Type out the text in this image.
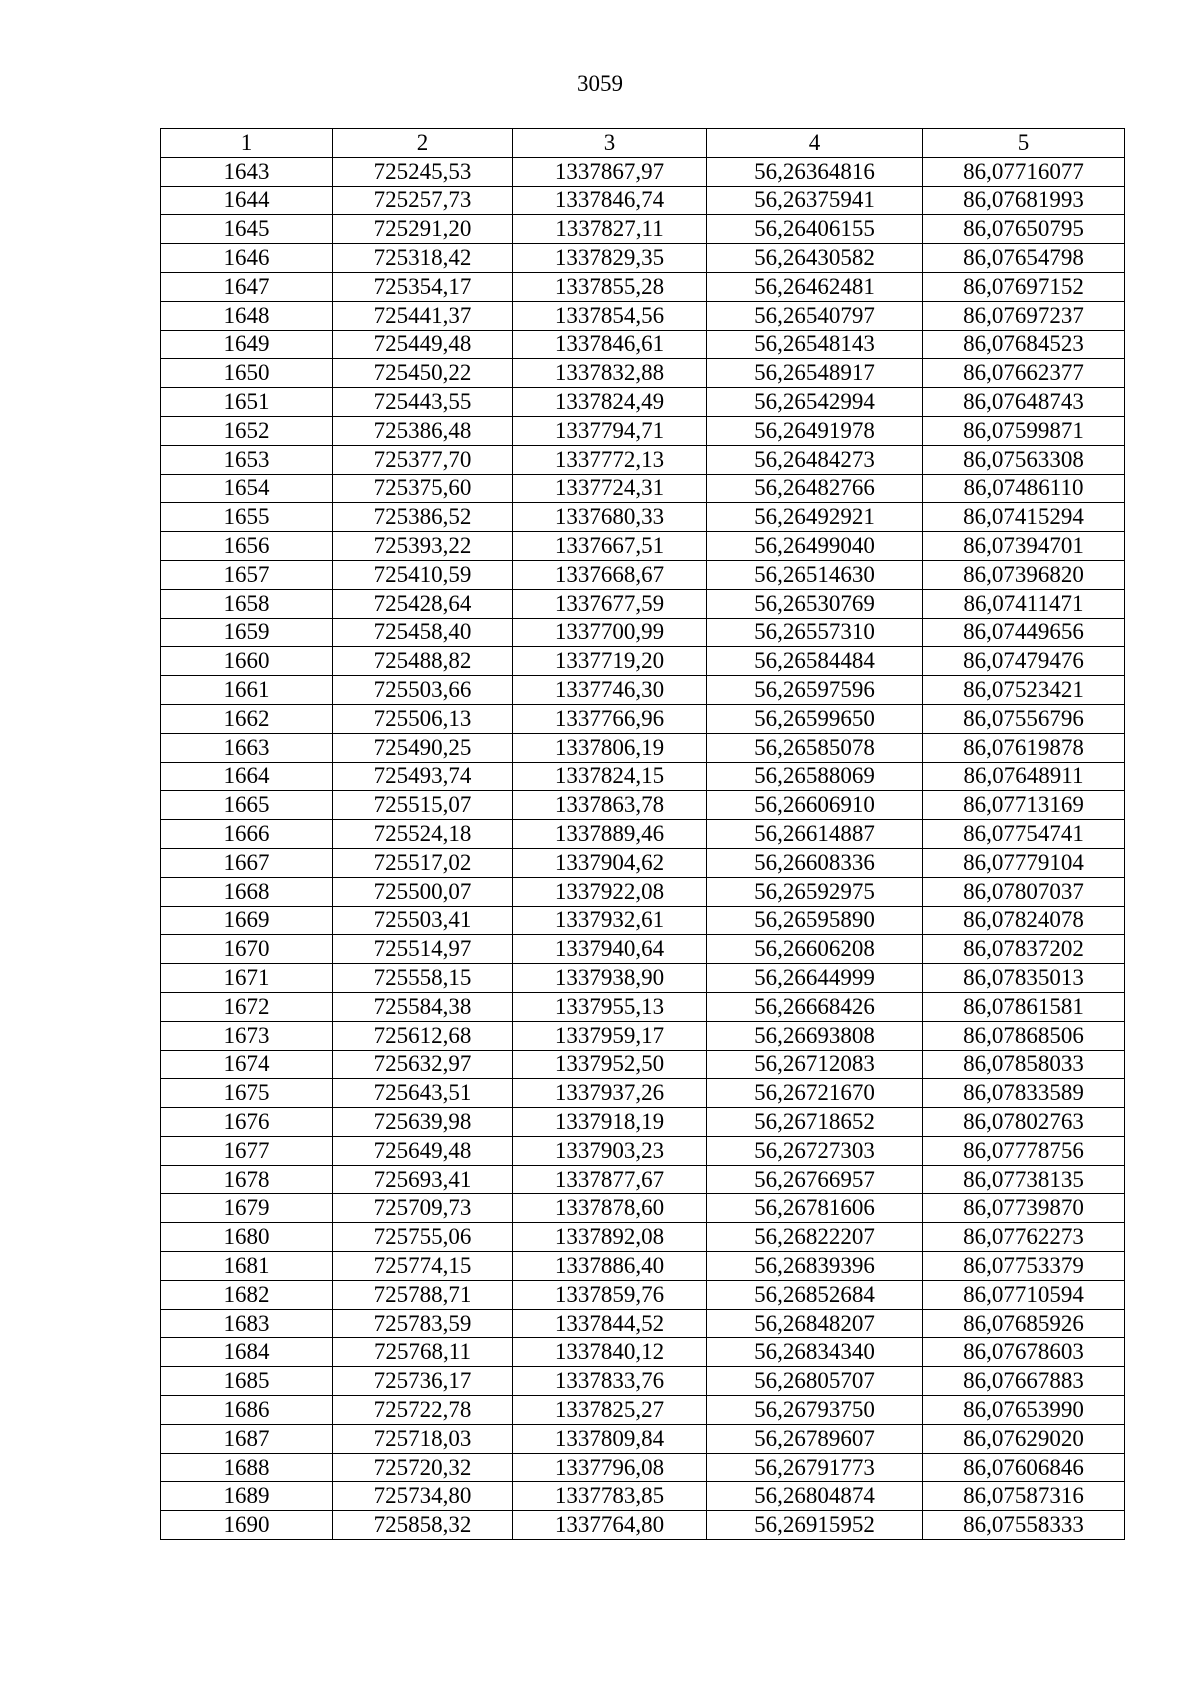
3059
1	2	3	4	5
1643	725245,53	1337867,97	56,26364816	86,07716077
1644	725257,73	1337846,74	56,26375941	86,07681993
1645	725291,20	1337827,11	56,26406155	86,07650795
1646	725318,42	1337829,35	56,26430582	86,07654798
1647	725354,17	1337855,28	56,26462481	86,07697152
1648	725441,37	1337854,56	56,26540797	86,07697237
1649	725449,48	1337846,61	56,26548143	86,07684523
1650	725450,22	1337832,88	56,26548917	86,07662377
1651	725443,55	1337824,49	56,26542994	86,07648743
1652	725386,48	1337794,71	56,26491978	86,07599871
1653	725377,70	1337772,13	56,26484273	86,07563308
1654	725375,60	1337724,31	56,26482766	86,07486110
1655	725386,52	1337680,33	56,26492921	86,07415294
1656	725393,22	1337667,51	56,26499040	86,07394701
1657	725410,59	1337668,67	56,26514630	86,07396820
1658	725428,64	1337677,59	56,26530769	86,07411471
1659	725458,40	1337700,99	56,26557310	86,07449656
1660	725488,82	1337719,20	56,26584484	86,07479476
1661	725503,66	1337746,30	56,26597596	86,07523421
1662	725506,13	1337766,96	56,26599650	86,07556796
1663	725490,25	1337806,19	56,26585078	86,07619878
1664	725493,74	1337824,15	56,26588069	86,07648911
1665	725515,07	1337863,78	56,26606910	86,07713169
1666	725524,18	1337889,46	56,26614887	86,07754741
1667	725517,02	1337904,62	56,26608336	86,07779104
1668	725500,07	1337922,08	56,26592975	86,07807037
1669	725503,41	1337932,61	56,26595890	86,07824078
1670	725514,97	1337940,64	56,26606208	86,07837202
1671	725558,15	1337938,90	56,26644999	86,07835013
1672	725584,38	1337955,13	56,26668426	86,07861581
1673	725612,68	1337959,17	56,26693808	86,07868506
1674	725632,97	1337952,50	56,26712083	86,07858033
1675	725643,51	1337937,26	56,26721670	86,07833589
1676	725639,98	1337918,19	56,26718652	86,07802763
1677	725649,48	1337903,23	56,26727303	86,07778756
1678	725693,41	1337877,67	56,26766957	86,07738135
1679	725709,73	1337878,60	56,26781606	86,07739870
1680	725755,06	1337892,08	56,26822207	86,07762273
1681	725774,15	1337886,40	56,26839396	86,07753379
1682	725788,71	1337859,76	56,26852684	86,07710594
1683	725783,59	1337844,52	56,26848207	86,07685926
1684	725768,11	1337840,12	56,26834340	86,07678603
1685	725736,17	1337833,76	56,26805707	86,07667883
1686	725722,78	1337825,27	56,26793750	86,07653990
1687	725718,03	1337809,84	56,26789607	86,07629020
1688	725720,32	1337796,08	56,26791773	86,07606846
1689	725734,80	1337783,85	56,26804874	86,07587316
1690	725858,32	1337764,80	56,26915952	86,07558333
